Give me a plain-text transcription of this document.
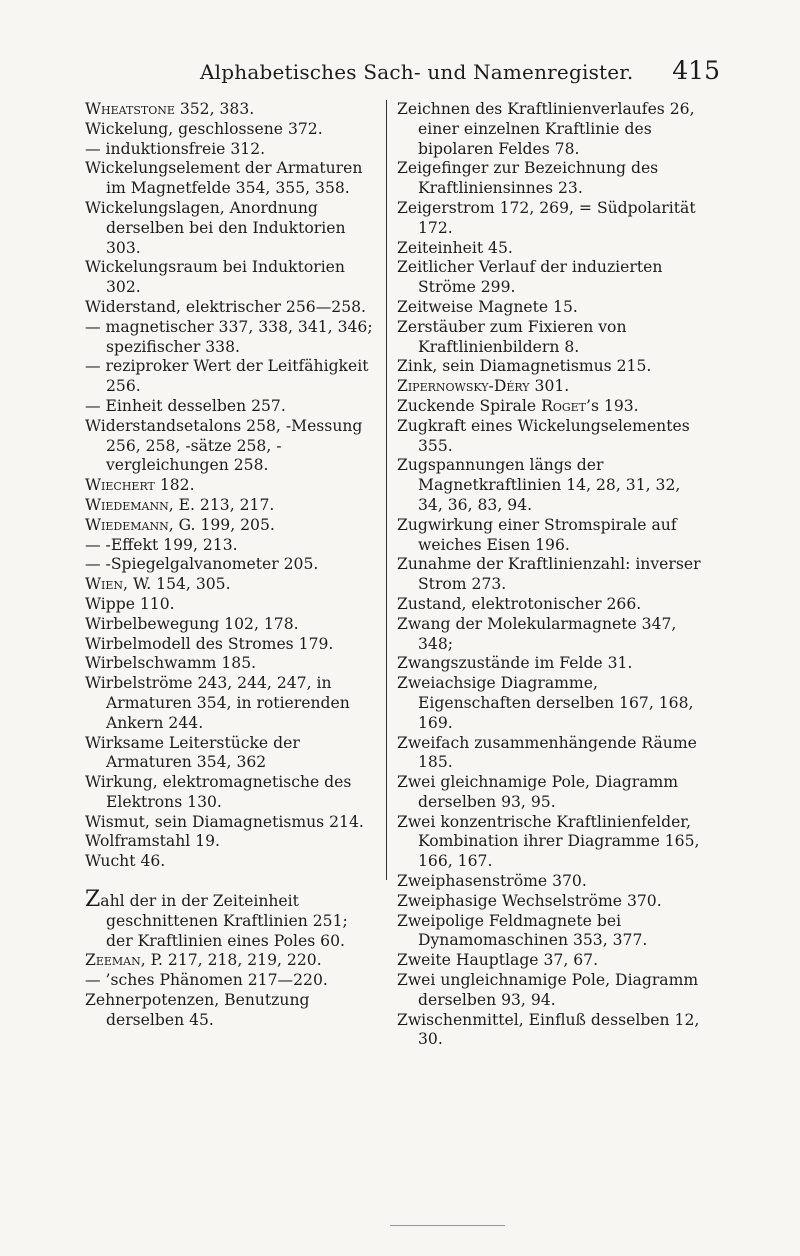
Alphabetisches Sach- und Namenregister. 415
Wheatstone 352, 383.
Wickelung, geschlossene 372.
— induktionsfreie 312.
Wickelungselement der Armaturen im Magnetfelde 354, 355, 358.
Wickelungslagen, Anordnung derselben bei den Induktorien 303.
Wickelungsraum bei Induktorien 302.
Widerstand, elektrischer 256—258.
— magnetischer 337, 338, 341, 346; spezifischer 338.
— reziproker Wert der Leitfähigkeit 256.
— Einheit desselben 257.
Widerstandsetalons 258, -Messung 256, 258, -sätze 258, -vergleichungen 258.
Wiechert 182.
Wiedemann, E. 213, 217.
Wiedemann, G. 199, 205.
— -Effekt 199, 213.
— -Spiegelgalvanometer 205.
Wien, W. 154, 305.
Wippe 110.
Wirbelbewegung 102, 178.
Wirbelmodell des Stromes 179.
Wirbelschwamm 185.
Wirbelströme 243, 244, 247, in Armaturen 354, in rotierenden Ankern 244.
Wirksame Leiterstücke der Armaturen 354, 362
Wirkung, elektromagnetische des Elektrons 130.
Wismut, sein Diamagnetismus 214.
Wolframstahl 19.
Wucht 46.
Zahl der in der Zeiteinheit geschnittenen Kraftlinien 251; der Kraftlinien eines Poles 60.
Zeeman, P. 217, 218, 219, 220.
— ’sches Phänomen 217—220.
Zehnerpotenzen, Benutzung derselben 45.
Zeichnen des Kraftlinienverlaufes 26, einer einzelnen Kraftlinie des bipolaren Feldes 78.
Zeigefinger zur Bezeichnung des Kraftliniensinnes 23.
Zeigerstrom 172, 269, = Südpolarität 172.
Zeiteinheit 45.
Zeitlicher Verlauf der induzierten Ströme 299.
Zeitweise Magnete 15.
Zerstäuber zum Fixieren von Kraftlinienbildern 8.
Zink, sein Diamagnetismus 215.
Zipernowsky-Déry 301.
Zuckende Spirale Roget’s 193.
Zugkraft eines Wickelungselementes 355.
Zugspannungen längs der Magnetkraftlinien 14, 28, 31, 32, 34, 36, 83, 94.
Zugwirkung einer Stromspirale auf weiches Eisen 196.
Zunahme der Kraftlinienzahl: inverser Strom 273.
Zustand, elektrotonischer 266.
Zwang der Molekularmagnete 347, 348;
Zwangszustände im Felde 31.
Zweiachsige Diagramme, Eigenschaften derselben 167, 168, 169.
Zweifach zusammenhängende Räume 185.
Zwei gleichnamige Pole, Diagramm derselben 93, 95.
Zwei konzentrische Kraftlinienfelder, Kombination ihrer Diagramme 165, 166, 167.
Zweiphasenströme 370.
Zweiphasige Wechselströme 370.
Zweipolige Feldmagnete bei Dynamomaschinen 353, 377.
Zweite Hauptlage 37, 67.
Zwei ungleichnamige Pole, Diagramm derselben 93, 94.
Zwischenmittel, Einfluß desselben 12, 30.
